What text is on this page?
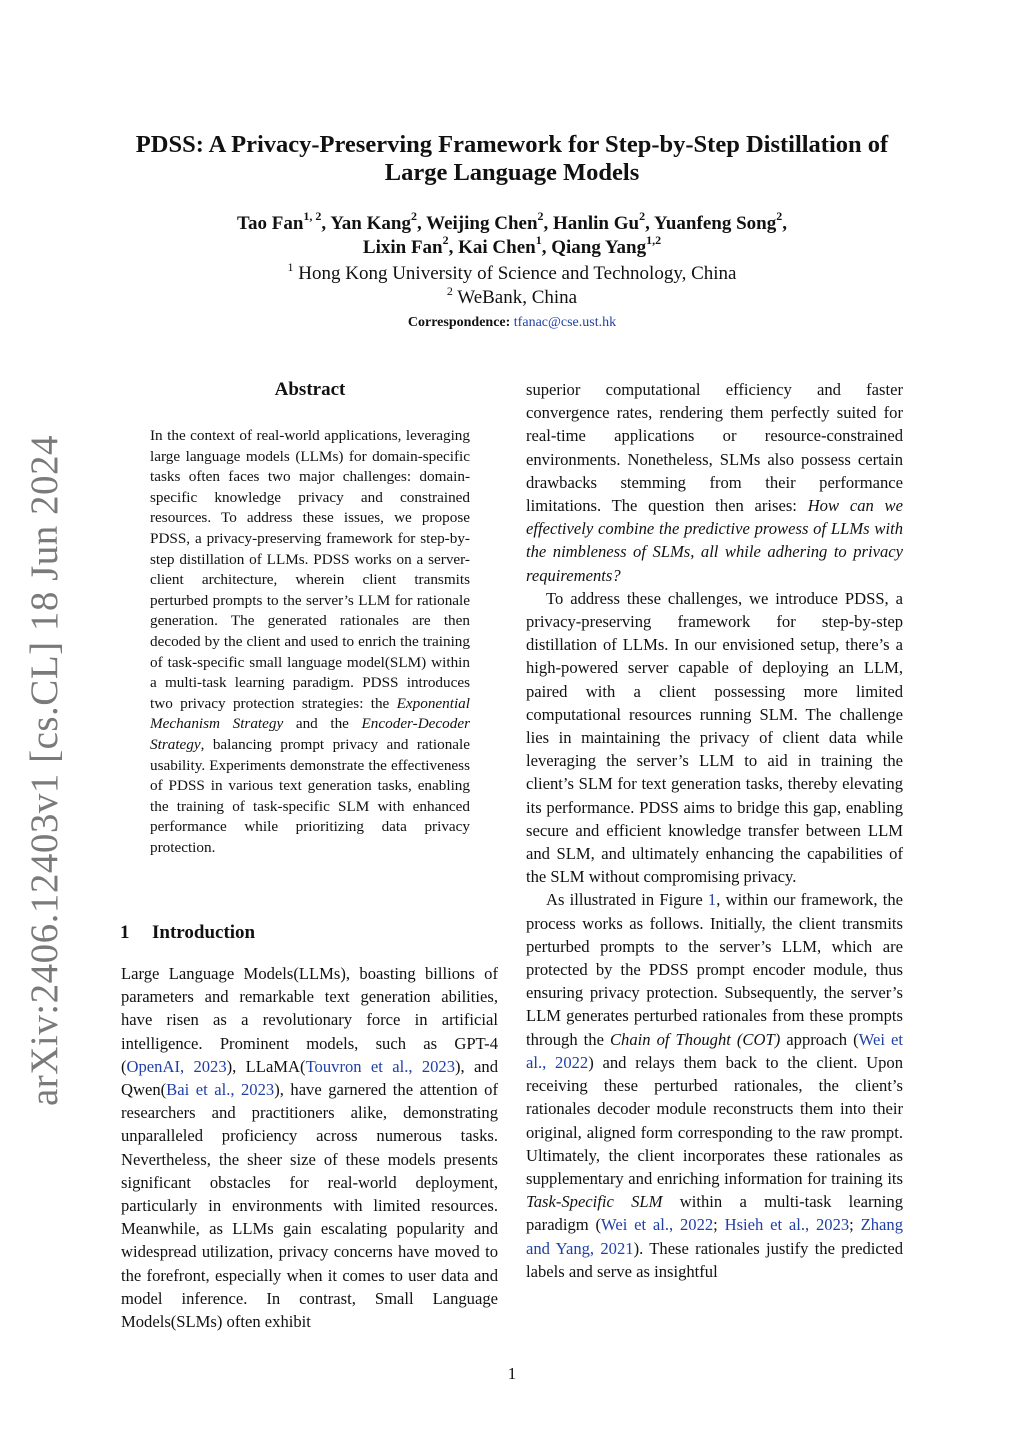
arXiv:2406.12403v1 [cs.CL] 18 Jun 2024
PDSS: A Privacy-Preserving Framework for Step-by-Step Distillation of
Large Language Models
Tao Fan$^{1, 2}$, Yan Kang$^2$, Weijing Chen$^2$, Hanlin Gu$^2$, Yuanfeng Song$^2$,
Lixin Fan$^2$, Kai Chen$^1$, Qiang Yang$^{1,2}$
$^1$ Hong Kong University of Science and Technology, China
$^2$ WeBank, China
Correspondence: tfanac@cse.ust.hk
Abstract
In the context of real-world applications, leveraging large language models (LLMs) for domain-specific tasks often faces two major challenges: domain-specific knowledge privacy and constrained resources. To address these issues, we propose PDSS, a privacy-preserving framework for step-by-step distillation of LLMs. PDSS works on a server-client architecture, wherein client transmits perturbed prompts to the server’s LLM for rationale generation. The generated rationales are then decoded by the client and used to enrich the training of task-specific small language model(SLM) within a multi-task learning paradigm. PDSS introduces two privacy protection strategies: the Exponential Mechanism Strategy and the Encoder-Decoder Strategy, balancing prompt privacy and rationale usability. Experiments demonstrate the effectiveness of PDSS in various text generation tasks, enabling the training of task-specific SLM with enhanced performance while prioritizing data privacy protection.
1 Introduction
Large Language Models(LLMs), boasting billions of parameters and remarkable text generation abilities, have risen as a revolutionary force in artificial intelligence. Prominent models, such as GPT-4 (OpenAI, 2023), LLaMA(Touvron et al., 2023), and Qwen(Bai et al., 2023), have garnered the attention of researchers and practitioners alike, demonstrating unparalleled proficiency across numerous tasks. Nevertheless, the sheer size of these models presents significant obstacles for real-world deployment, particularly in environments with limited resources. Meanwhile, as LLMs gain escalating popularity and widespread utilization, privacy concerns have moved to the forefront, especially when it comes to user data and model inference. In contrast, Small Language Models(SLMs) often exhibit

superior computational efficiency and faster convergence rates, rendering them perfectly suited for real-time applications or resource-constrained environments. Nonetheless, SLMs also possess certain drawbacks stemming from their performance limitations. The question then arises: How can we effectively combine the predictive prowess of LLMs with the nimbleness of SLMs, all while adhering to privacy requirements?

To address these challenges, we introduce PDSS, a privacy-preserving framework for step-by-step distillation of LLMs. In our envisioned setup, there’s a high-powered server capable of deploying an LLM, paired with a client possessing more limited computational resources running SLM. The challenge lies in maintaining the privacy of client data while leveraging the server’s LLM to aid in training the client’s SLM for text generation tasks, thereby elevating its performance. PDSS aims to bridge this gap, enabling secure and efficient knowledge transfer between LLM and SLM, and ultimately enhancing the capabilities of the SLM without compromising privacy.

As illustrated in Figure 1, within our framework, the process works as follows. Initially, the client transmits perturbed prompts to the server’s LLM, which are protected by the PDSS prompt encoder module, thus ensuring privacy protection. Subsequently, the server’s LLM generates perturbed rationales from these prompts through the Chain of Thought (COT) approach (Wei et al., 2022) and relays them back to the client. Upon receiving these perturbed rationales, the client’s rationales decoder module reconstructs them into their original, aligned form corresponding to the raw prompt. Ultimately, the client incorporates these rationales as supplementary and enriching information for training its Task-Specific SLM within a multi-task learning paradigm (Wei et al., 2022; Hsieh et al., 2023; Zhang and Yang, 2021). These rationales justify the predicted labels and serve as insightful

1
